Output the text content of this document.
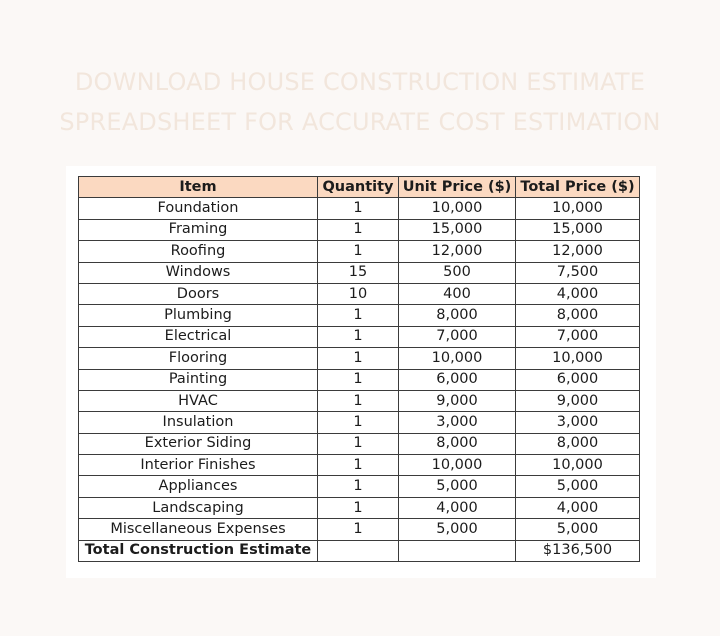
DOWNLOAD HOUSE CONSTRUCTION ESTIMATE
SPREADSHEET FOR ACCURATE COST ESTIMATION
Item	Quantity	Unit Price ($)	Total Price ($)
Foundation	1	10,000	10,000
Framing	1	15,000	15,000
Roofing	1	12,000	12,000
Windows	15	500	7,500
Doors	10	400	4,000
Plumbing	1	8,000	8,000
Electrical	1	7,000	7,000
Flooring	1	10,000	10,000
Painting	1	6,000	6,000
HVAC	1	9,000	9,000
Insulation	1	3,000	3,000
Exterior Siding	1	8,000	8,000
Interior Finishes	1	10,000	10,000
Appliances	1	5,000	5,000
Landscaping	1	4,000	4,000
Miscellaneous Expenses	1	5,000	5,000
Total Construction Estimate			$136,500
